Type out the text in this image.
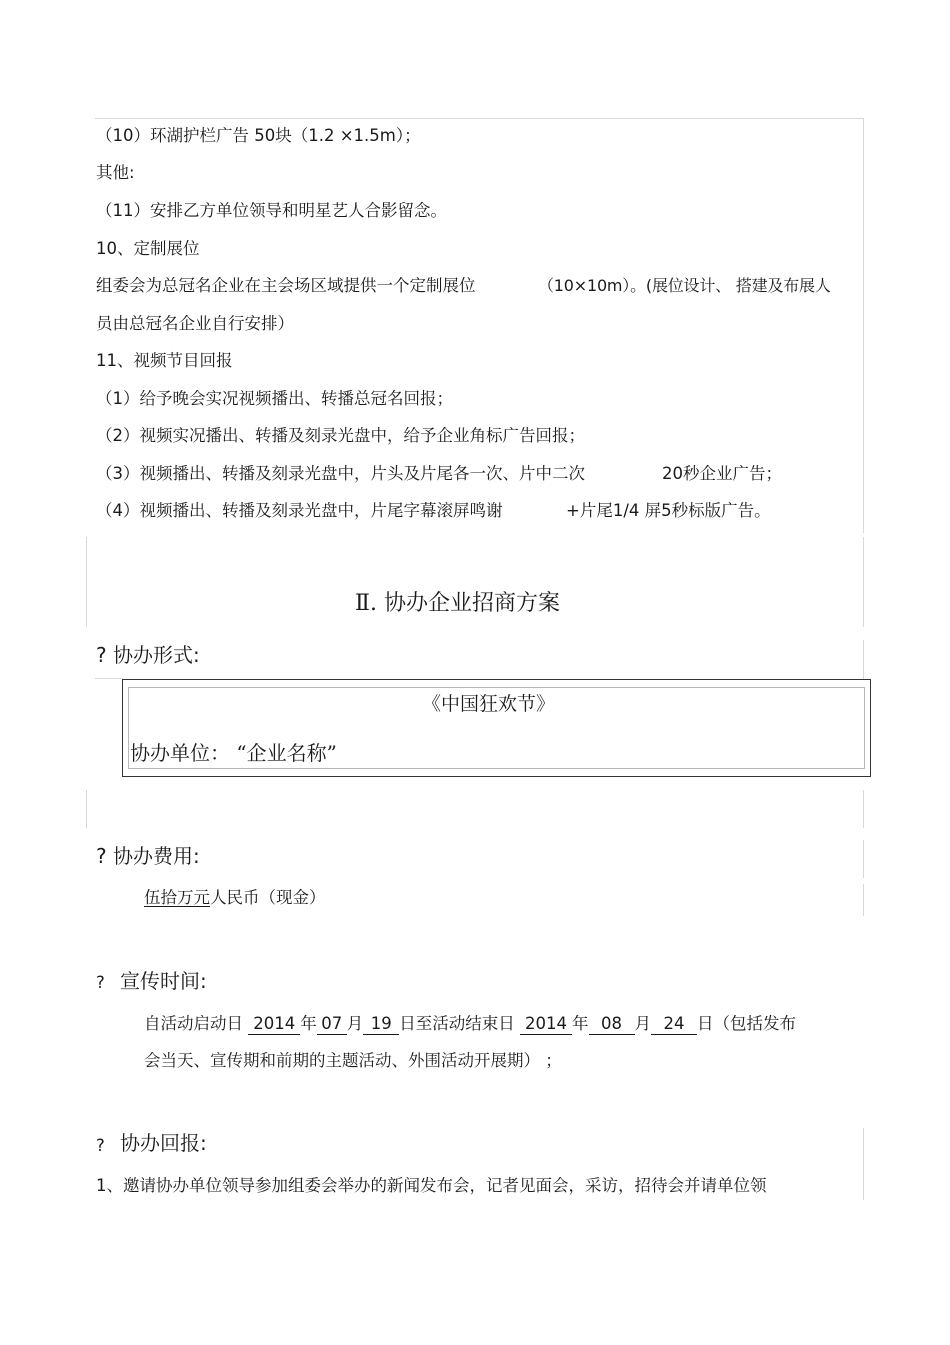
（10）环湖护栏广告 50块（1.2 ×1.5m）；
其他:
（11）安排乙方单位领导和明星艺人合影留念。
10、定制展位
组委会为总冠名企业在主会场区域提供一个定制展位	（10×10m）。(展位设计、 搭建及布展人
员由总冠名企业自行安排）
11、视频节目回报
（1）给予晚会实况视频播出、转播总冠名回报；
（2）视频实况播出、转播及刻录光盘中，给予企业角标广告回报；
（3）视频播出、转播及刻录光盘中，片头及片尾各一次、片中二次	20秒企业广告；
（4）视频播出、转播及刻录光盘中，片尾字幕滚屏鸣谢	+片尾1/4 屏5秒标版广告。
Ⅱ. 协办企业招商方案
? 协办形式:
《中国狂欢节》
协办单位： “企业名称”
? 协办费用:
伍拾万元人民币（现金）
? 宣传时间:
自活动启动日 2014 年 07 月 19 日至活动结束日 2014 年 08 月 24 日（包括发布
会当天、宣传期和前期的主题活动、外围活动开展期） ；
? 协办回报:
1、邀请协办单位领导参加组委会举办的新闻发布会，记者见面会，采访，招待会并请单位领
